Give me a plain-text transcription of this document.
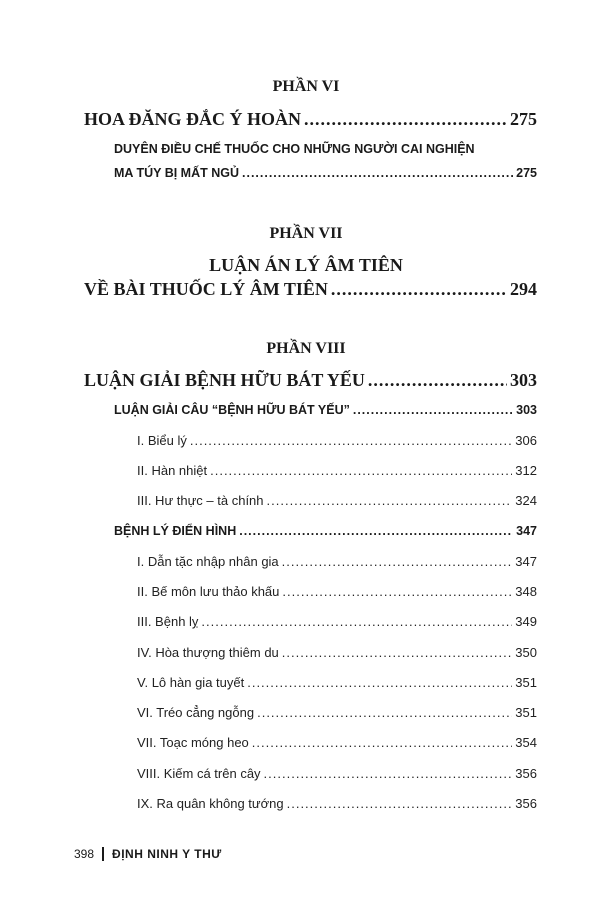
PHẦN VI
HOA ĐĂNG ĐẮC Ý HOÀN .....	275
DUYÊN ĐIỀU CHẾ THUỐC CHO NHỮNG NGƯỜI CAI NGHIỆN
MA TÚY BỊ MẤT NGỦ .....	275
PHẦN VII
LUẬN ÁN LÝ ÂM TIÊN
VỀ BÀI THUỐC LÝ ÂM TIÊN .....	294
PHẦN VIII
LUẬN GIẢI BỆNH HỮU BÁT YẾU .....	303
LUẬN GIẢI CÂU “BỆNH HỮU BÁT YẾU” .....	303
I. Biểu lý .....	306
II. Hàn nhiệt .....	312
III. Hư thực – tà chính .....	324
BỆNH LÝ ĐIỂN HÌNH .....	347
I. Dẫn tặc nhập nhân gia .....	347
II. Bế môn lưu thảo khấu .....	348
III. Bệnh lỵ .....	349
IV. Hòa thượng thiêm du .....	350
V. Lô hàn gia tuyết .....	351
VI. Tréo cẳng ngỗng .....	351
VII. Toạc móng heo .....	354
VIII. Kiếm cá trên cây .....	356
IX. Ra quân không tướng .....	356
398 ĐỊNH NINH Y THƯ
